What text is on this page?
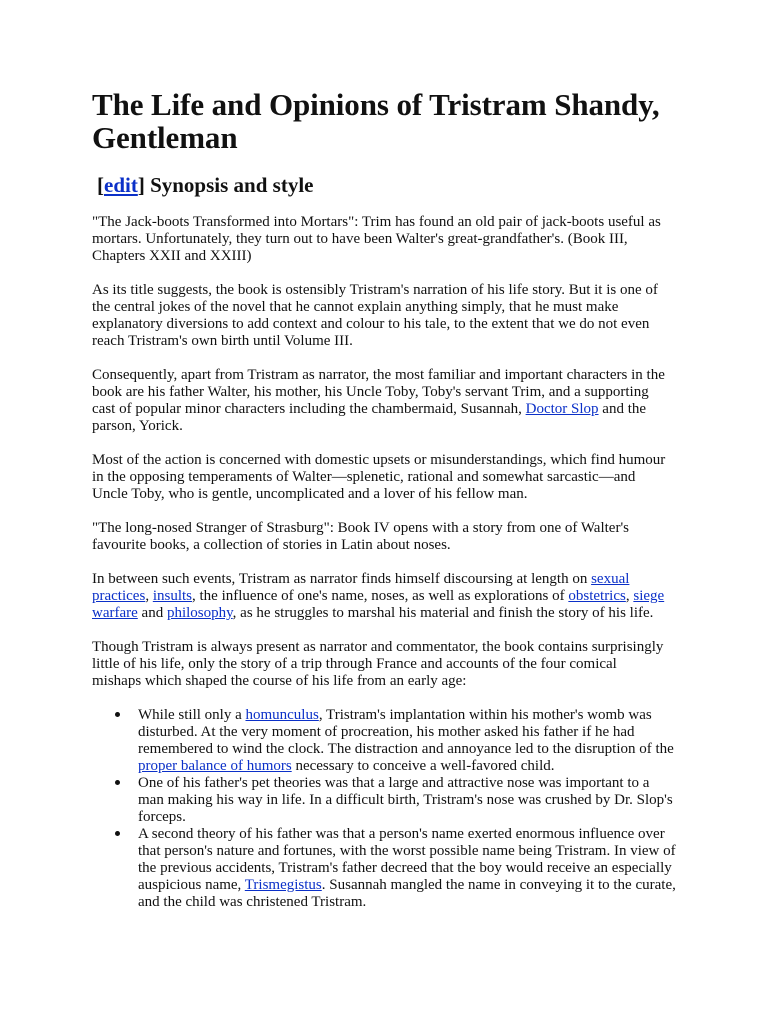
The Life and Opinions of Tristram Shandy, Gentleman
[edit] Synopsis and style

"The Jack-boots Transformed into Mortars": Trim has found an old pair of jack-boots useful as mortars. Unfortunately, they turn out to have been Walter's great-grandfather's. (Book III, Chapters XXII and XXIII)

As its title suggests, the book is ostensibly Tristram's narration of his life story. But it is one of the central jokes of the novel that he cannot explain anything simply, that he must make explanatory diversions to add context and colour to his tale, to the extent that we do not even reach Tristram's own birth until Volume III.

Consequently, apart from Tristram as narrator, the most familiar and important characters in the book are his father Walter, his mother, his Uncle Toby, Toby's servant Trim, and a supporting cast of popular minor characters including the chambermaid, Susannah, Doctor Slop and the parson, Yorick.

Most of the action is concerned with domestic upsets or misunderstandings, which find humour in the opposing temperaments of Walter—splenetic, rational and somewhat sarcastic—and Uncle Toby, who is gentle, uncomplicated and a lover of his fellow man.

"The long-nosed Stranger of Strasburg": Book IV opens with a story from one of Walter's favourite books, a collection of stories in Latin about noses.

In between such events, Tristram as narrator finds himself discoursing at length on sexual practices, insults, the influence of one's name, noses, as well as explorations of obstetrics, siege warfare and philosophy, as he struggles to marshal his material and finish the story of his life.

Though Tristram is always present as narrator and commentator, the book contains surprisingly little of his life, only the story of a trip through France and accounts of the four comical mishaps which shaped the course of his life from an early age:

While still only a homunculus, Tristram's implantation within his mother's womb was disturbed. At the very moment of procreation, his mother asked his father if he had remembered to wind the clock. The distraction and annoyance led to the disruption of the proper balance of humors necessary to conceive a well-favored child.
One of his father's pet theories was that a large and attractive nose was important to a man making his way in life. In a difficult birth, Tristram's nose was crushed by Dr. Slop's forceps.
A second theory of his father was that a person's name exerted enormous influence over that person's nature and fortunes, with the worst possible name being Tristram. In view of the previous accidents, Tristram's father decreed that the boy would receive an especially auspicious name, Trismegistus. Susannah mangled the name in conveying it to the curate, and the child was christened Tristram.
